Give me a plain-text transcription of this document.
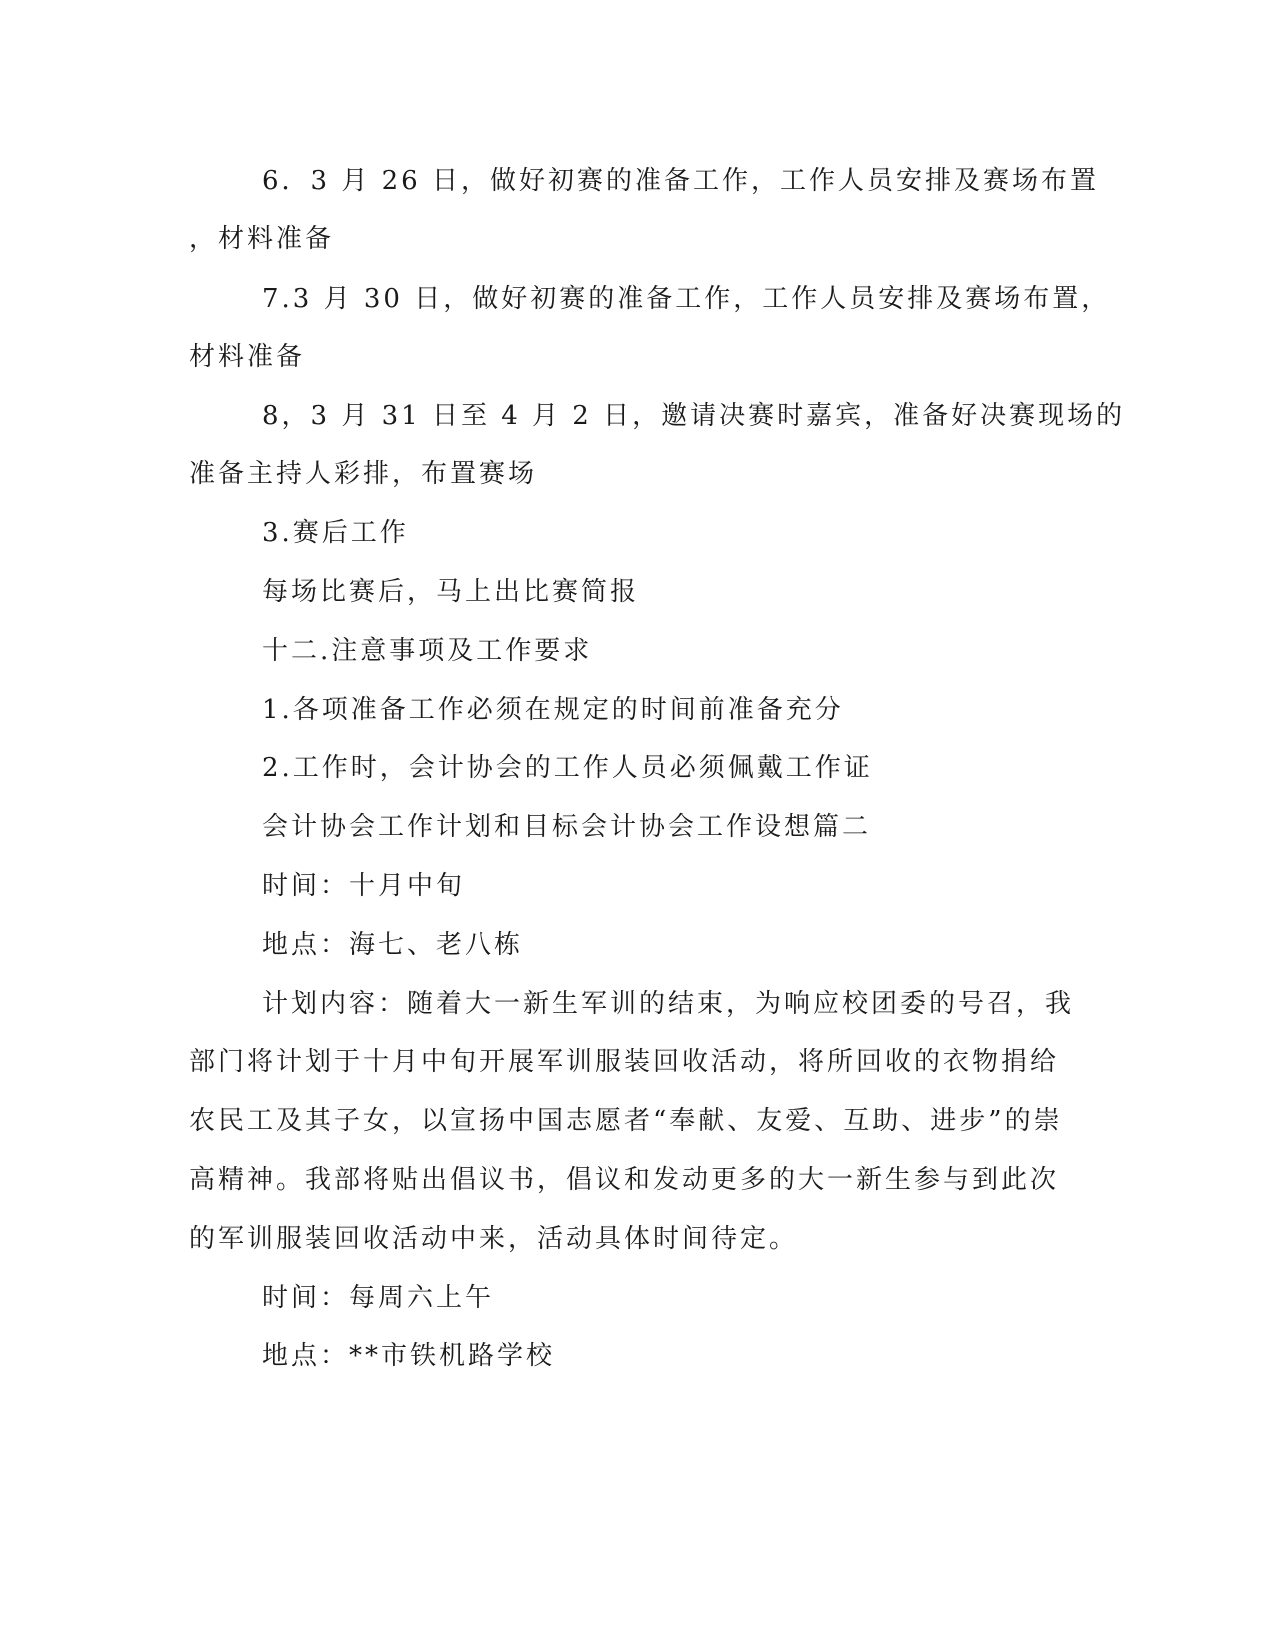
6．3 月 26 日，做好初赛的准备工作，工作人员安排及赛场布置
，材料准备
7.3 月 30 日，做好初赛的准备工作，工作人员安排及赛场布置，
材料准备
8，3 月 31 日至 4 月 2 日，邀请决赛时嘉宾，准备好决赛现场的
准备主持人彩排，布置赛场
3.赛后工作
每场比赛后，马上出比赛简报
十二.注意事项及工作要求
1.各项准备工作必须在规定的时间前准备充分
2.工作时，会计协会的工作人员必须佩戴工作证
会计协会工作计划和目标会计协会工作设想篇二
时间：十月中旬
地点：海七、老八栋
计划内容：随着大一新生军训的结束，为响应校团委的号召，我
部门将计划于十月中旬开展军训服装回收活动，将所回收的衣物捐给
农民工及其子女，以宣扬中国志愿者“奉献、友爱、互助、进步”的崇
高精神。我部将贴出倡议书，倡议和发动更多的大一新生参与到此次
的军训服装回收活动中来，活动具体时间待定。
时间：每周六上午
地点：**市铁机路学校
